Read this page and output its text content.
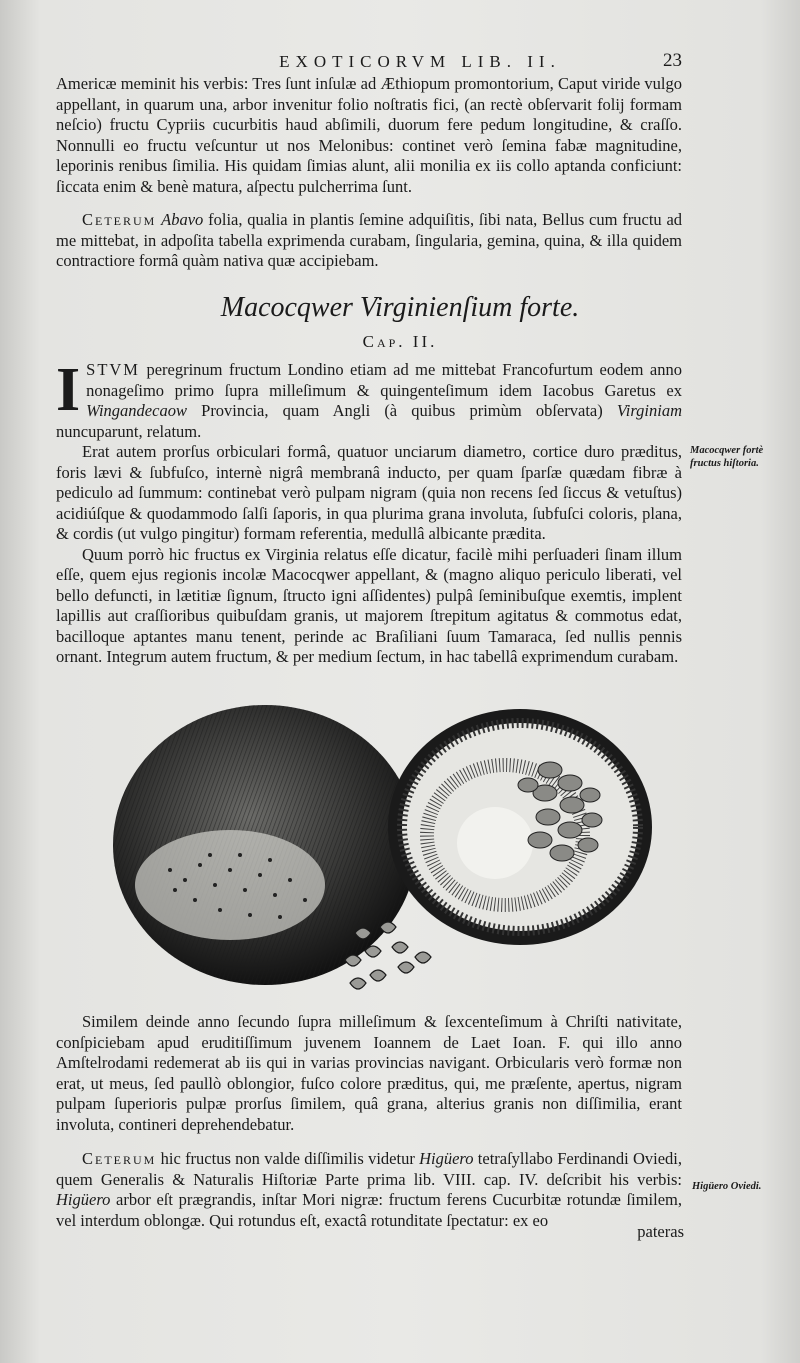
EXOTICORVM LIB. II.	23

Americæ meminit his verbis: Tres ſunt inſulæ ad Æthiopum promontorium, Caput viride vulgo appellant, in quarum una, arbor invenitur folio noſtratis fici, (an rectè obſervarit folij formam neſcio) fructu Cypriis cucurbitis haud abſimili, duorum fere pedum longitudine, & craſſo. Nonnulli eo fructu veſcuntur ut nos Melonibus: continet verò ſemina fabæ magnitudine, leporinis renibus ſimilia. His quidam ſimias alunt, alii monilia ex iis collo aptanda conficiunt: ſiccata enim & benè matura, aſpectu pulcherrima ſunt.

Ceterum Abavo folia, qualia in plantis ſemine adquiſitis, ſibi nata, Bellus cum fructu ad me mittebat, in adpoſita tabella exprimenda curabam, ſingularia, gemina, quina, & illa quidem contractiore formâ quàm nativa quæ accipiebam.

Macocqwer Virginienſium forte.
Cap. II.

I STVM peregrinum fructum Londino etiam ad me mittebat Francofurtum eodem anno nonageſimo primo ſupra milleſimum & quingenteſimum idem Iacobus Garetus ex Wingandecaow Provincia, quam Angli (à quibus primùm obſervata) Virginiam nuncuparunt, relatum.

Erat autem prorſus orbiculari formâ, quatuor unciarum diametro, cortice duro præditus, foris lævi & ſubfuſco, internè nigrâ membranâ inducto, per quam ſparſæ quædam fibræ à pediculo ad ſummum: continebat verò pulpam nigram (quia non recens ſed ſiccus & vetuſtus) acidiúſque & quodammodo ſalſi ſaporis, in qua plurima grana involuta, ſubfuſci coloris, plana, & cordis (ut vulgo pingitur) formam referentia, medullâ albicante prædita.

Quum porrò hic fructus ex Virginia relatus eſſe dicatur, facilè mihi perſuaderi ſinam illum eſſe, quem ejus regionis incolæ Macocqwer appellant, & (magno aliquo periculo liberati, vel bello defuncti, in lætitiæ ſignum, ſtructo igni aſſidentes) pulpâ ſeminibuſque exemtis, implent lapillis aut craſſioribus quibuſdam granis, ut majorem ſtrepitum agitatus & commotus edat, bacilloque aptantes manu tenent, perinde ac Braſiliani ſuum Tamaraca, ſed nullis pennis ornant. Integrum autem fructum, & per medium ſectum, in hac tabellâ exprimendum curabam.

Macocqwer fortè fructus hiſtoria.
Higüero Oviedi.

Similem deinde anno ſecundo ſupra milleſimum & ſexcenteſimum à Chriſti nativitate, conſpiciebam apud eruditiſſimum juvenem Ioannem de Laet Ioan. F. qui illo anno Amſtelrodami redemerat ab iis qui in varias provincias navigant. Orbicularis verò formæ non erat, ut meus, ſed paullò oblongior, fuſco colore præditus, qui, me præſente, apertus, nigram pulpam ſuperioris pulpæ prorſus ſimilem, quâ grana, alterius granis non diſſimilia, erant involuta, contineri deprehendebatur.

Ceterum hic fructus non valde diſſimilis videtur Higüero tetraſyllabo Ferdinandi Oviedi, quem Generalis & Naturalis Hiſtoriæ Parte prima lib. VIII. cap. IV. deſcribit his verbis: Higüero arbor eſt prægrandis, inſtar Mori nigræ: fructum ferens Cucurbitæ rotundæ ſimilem, vel interdum oblongæ. Qui rotundus eſt, exactâ rotunditate ſpectatur: ex eo

pateras
